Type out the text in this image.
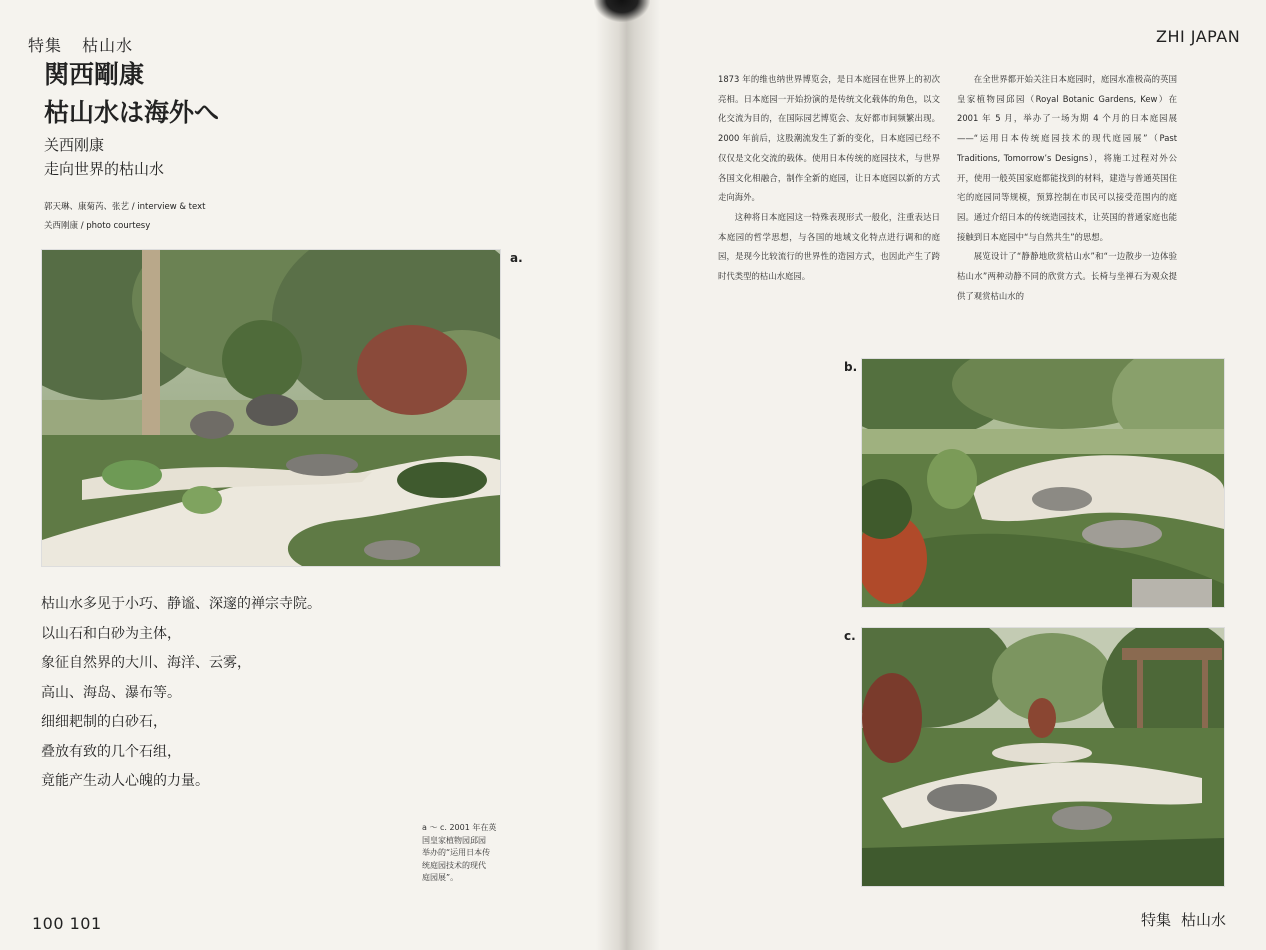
特集 枯山水
関西剛康
枯山水は海外へ
关西刚康
走向世界的枯山水
郭天琳、康菊芮、张艺 / interview & text
关西刚康 / photo courtesy
a.

枯山水多见于小巧、静谧、深邃的禅宗寺院。

以山石和白砂为主体，

象征自然界的大川、海洋、云雾，

高山、海岛、瀑布等。

细细耙制的白砂石，

叠放有致的几个石组，

竟能产生动人心魄的力量。

a ～ c. 2001 年在英
国皇家植物园邱园
举办的“运用日本传
统庭园技术的现代
庭园展”。
100 101
ZHI JAPAN

1873 年的维也纳世界博览会，是日本庭园在世界上的初次亮相。日本庭园一开始扮演的是传统文化载体的角色，以文化交流为目的，在国际园艺博览会、友好都市间频繁出现。2000 年前后，这股潮流发生了新的变化，日本庭园已经不仅仅是文化交流的载体。使用日本传统的庭园技术，与世界各国文化相融合，制作全新的庭园，让日本庭园以新的方式走向海外。

这种将日本庭园这一特殊表现形式一般化，注重表达日本庭园的哲学思想，与各国的地域文化特点进行调和的庭园，是现今比较流行的世界性的造园方式，也因此产生了跨时代类型的枯山水庭园。

在全世界都开始关注日本庭园时，庭园水准极高的英国皇家植物园邱园（Royal Botanic Gardens, Kew）在 2001 年 5 月，举办了一场为期 4 个月的日本庭园展——“运用日本传统庭园技术的现代庭园展”（Past Traditions, Tomorrow’s Designs），将施工过程对外公开，使用一般英国家庭都能找到的材料，建造与普通英国住宅的庭园同等规模，预算控制在市民可以接受范围内的庭园。通过介绍日本的传统造园技术，让英国的普通家庭也能接触到日本庭园中“与自然共生”的思想。

展览设计了“静静地欣赏枯山水”和“一边散步一边体验枯山水”两种动静不同的欣赏方式。长椅与坐禅石为观众提供了观赏枯山水的

b.
c.
特集 枯山水
